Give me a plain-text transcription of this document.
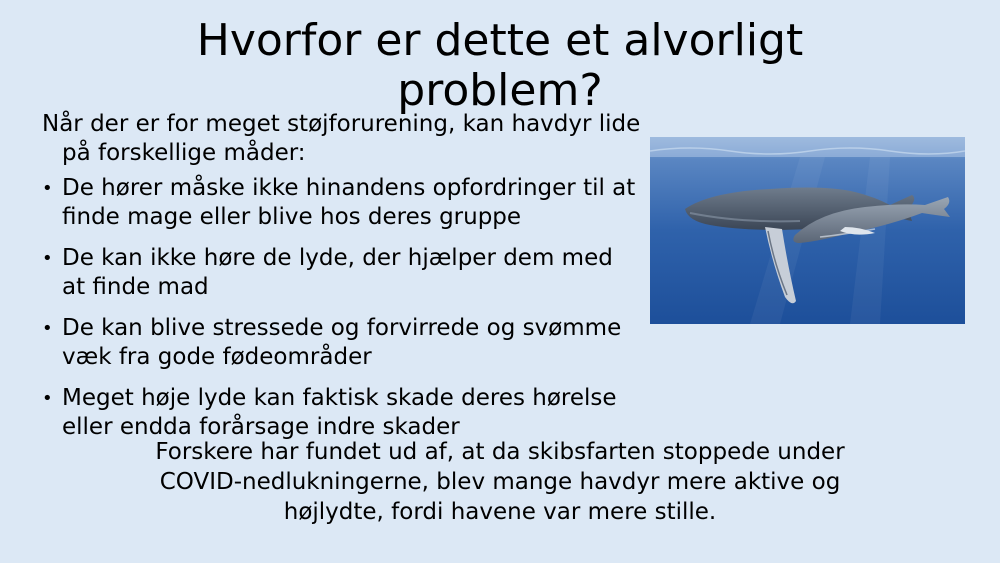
Hvorfor er dette et alvorligt problem?

Når der er for meget støjforurening, kan havdyr lide på forskellige måder:

• De hører måske ikke hinandens opfordringer til at finde mage eller blive hos deres gruppe
• De kan ikke høre de lyde, der hjælper dem med at finde mad
• De kan blive stressede og forvirrede og svømme væk fra gode fødeområder
• Meget høje lyde kan faktisk skade deres hørelse eller endda forårsage indre skader

Forskere har fundet ud af, at da skibsfarten stoppede under COVID-nedlukningerne, blev mange havdyr mere aktive og højlydte, fordi havene var mere stille.
